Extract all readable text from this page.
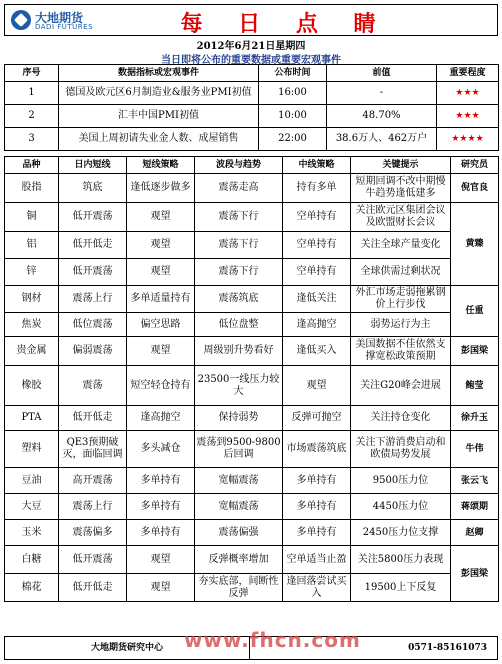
大地期货
DADI FUTURES	每 日 点 睛
2012年6月21日星期四
当日即将公布的重要数据或重要宏观事件
序号	数据指标或宏观事件	公布时间	前值	重要程度
1	德国及欧元区6月制造业&服务业PMI初值	16:00	-	★★★
2	汇丰中国PMI初值	10:00	48.70%	★★★
3	美国上周初请失业金人数、成屋销售	22:00	38.6万人、462万户	★★★★
品种	日内短线	短线策略	波段与趋势	中线策略	关键提示	研究员
股指	筑底	逢低逐步做多	震荡走高	持有多单	短期回调不改中期慢牛趋势逢低建多	倪官良
铜	低开震荡	观望	震荡下行	空单持有	关注欧元区集团会议及欧盟财长会议	黄臻
铝	低开低走	观望	震荡下行	空单持有	关注全球产量变化	
锌	低开震荡	观望	震荡下行	空单持有	全球供需过剩状况	
钢材	震荡上行	多单适量持有	震荡筑底	逢低关注	外汇市场走弱拖累钢价上行步伐	任重
焦炭	低位震荡	偏空思路	低位盘整	逢高抛空	弱势运行为主	
贵金属	偏弱震荡	观望	周级别升势看好	逢低买入	美国数据不佳依然支撑宽松政策预期	彭国梁
橡胶	震荡	短空轻仓持有	23500一线压力较大	观望	关注G20峰会进展	鲍莹
PTA	低开低走	逢高抛空	保持弱势	反弹可抛空	关注持仓变化	徐升玉
塑料	QE3预期破灭，面临回调	多头减仓	震荡到9500-9800后回调	市场震荡筑底	关注下游消费启动和欧债局势发展	牛伟
豆油	高开震荡	多单持有	宽幅震荡	多单持有	9500压力位	张云飞
大豆	震荡上行	多单持有	宽幅震荡	多单持有	4450压力位	蒋颂期
玉米	震荡偏多	多单持有	震荡偏强	多单持有	2450压力位支撑	赵卿
白糖	低开震荡	观望	反弹概率增加	空单适当止盈	关注5800压力表现	彭国梁
棉花	低开低走	观望	夯实底部，间断性反弹	逢回落尝试买入	19500上下反复	
大地期货研究中心	0571-85161073
www.fhcn.com
